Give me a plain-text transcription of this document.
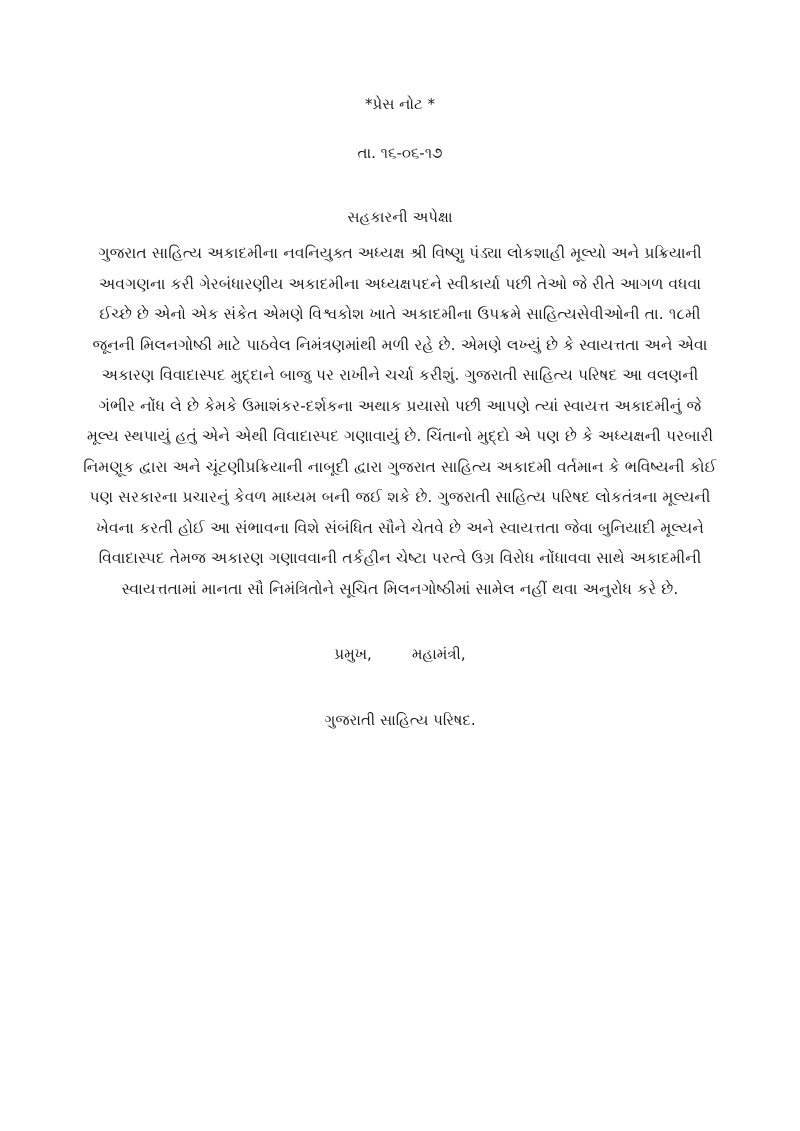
*પ્રેસ નોટ *
તા. ૧૬-૦૬-૧૭
સહકારની અપેક્ષા
ગુજરાત સાહિત્ય અકાદમીના નવનિયુક્ત અધ્યક્ષ શ્રી વિષ્ણુ પંડ્યા લોકશાહી મૂલ્યો અને પ્રક્રિયાની
અવગણના કરી ગેરબંધારણીય અકાદમીના અધ્યક્ષપદને સ્વીકાર્યા પછી તેઓ જે રીતે આગળ વધવા
ઈચ્છે છે એનો એક સંકેત એમણે વિશ્વકોશ ખાતે અકાદમીના ઉપક્રમે સાહિત્યસેવીઓની તા. ૧૮મી
જૂનની મિલનગોષ્ઠી માટે પાઠવેલ નિમંત્રણમાંથી મળી રહે છે. એમણે લખ્યું છે કે સ્વાયત્તતા અને એવા
અકારણ વિવાદાસ્પદ મુદ્દાને બાજુ પર રાખીને ચર્ચા કરીશું. ગુજરાતી સાહિત્ય પરિષદ આ વલણની
ગંભીર નોંધ લે છે કેમકે ઉમાશંકર-દર્શકના અથાક પ્રયાસો પછી આપણે ત્યાં સ્વાયત્ત અકાદમીનું જે
મૂલ્ય સ્થપાયું હતું એને એથી વિવાદાસ્પદ ગણાવાયું છે. ચિંતાનો મુદ્દો એ પણ છે કે અધ્યક્ષની પરબારી
નિમણૂક દ્વારા અને ચૂંટણીપ્રક્રિયાની નાબૂદી દ્વારા ગુજરાત સાહિત્ય અકાદમી વર્તમાન કે ભવિષ્યની કોઈ
પણ સરકારના પ્રચારનું કેવળ માધ્યમ બની જઈ શકે છે. ગુજરાતી સાહિત્ય પરિષદ લોકતંત્રના મૂલ્યની
ખેવના કરતી હોઈ આ સંભાવના વિશે સંબંધિત સૌને ચેતવે છે અને સ્વાયત્તતા જેવા બુનિયાદી મૂલ્યને
વિવાદાસ્પદ તેમજ અકારણ ગણાવવાની તર્કહીન ચેષ્ટા પરત્વે ઉગ્ર વિરોધ નોંધાવવા સાથે અકાદમીની
સ્વાયત્તતામાં માનતા સૌ નિમંત્રિતોને સૂચિત મિલનગોષ્ઠીમાં સામેલ નહીં થવા અનુરોધ કરે છે.
પ્રમુખ,	મહામંત્રી,
ગુજરાતી સાહિત્ય પરિષદ.
